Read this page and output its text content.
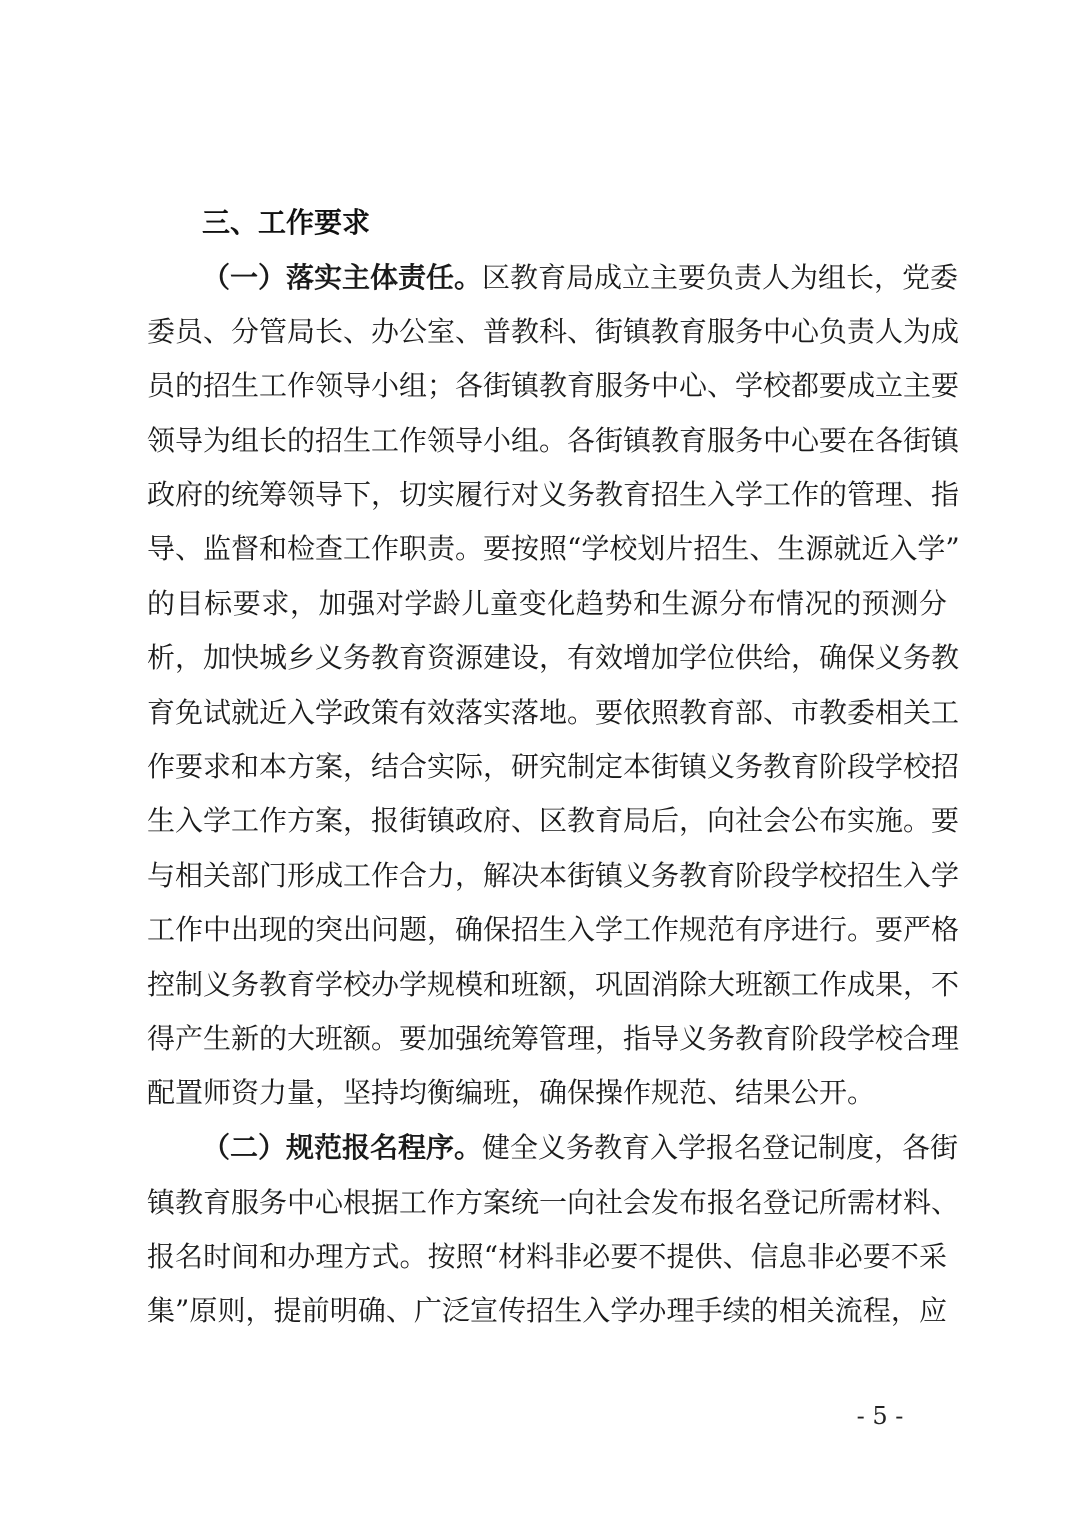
三、工作要求
（一）落实主体责任。区教育局成立主要负责人为组长，党委
委员、分管局长、办公室、普教科、街镇教育服务中心负责人为成
员的招生工作领导小组；各街镇教育服务中心、学校都要成立主要
领导为组长的招生工作领导小组。各街镇教育服务中心要在各街镇
政府的统筹领导下，切实履行对义务教育招生入学工作的管理、指
导、监督和检查工作职责。要按照“学校划片招生、生源就近入学”
的目标要求，加强对学龄儿童变化趋势和生源分布情况的预测分
析，加快城乡义务教育资源建设，有效增加学位供给，确保义务教
育免试就近入学政策有效落实落地。要依照教育部、市教委相关工
作要求和本方案，结合实际，研究制定本街镇义务教育阶段学校招
生入学工作方案，报街镇政府、区教育局后，向社会公布实施。要
与相关部门形成工作合力，解决本街镇义务教育阶段学校招生入学
工作中出现的突出问题，确保招生入学工作规范有序进行。要严格
控制义务教育学校办学规模和班额，巩固消除大班额工作成果，不
得产生新的大班额。要加强统筹管理，指导义务教育阶段学校合理
配置师资力量，坚持均衡编班，确保操作规范、结果公开。
（二）规范报名程序。健全义务教育入学报名登记制度，各街
镇教育服务中心根据工作方案统一向社会发布报名登记所需材料、
报名时间和办理方式。按照“材料非必要不提供、信息非必要不采
集”原则，提前明确、广泛宣传招生入学办理手续的相关流程，应
- 5 -
